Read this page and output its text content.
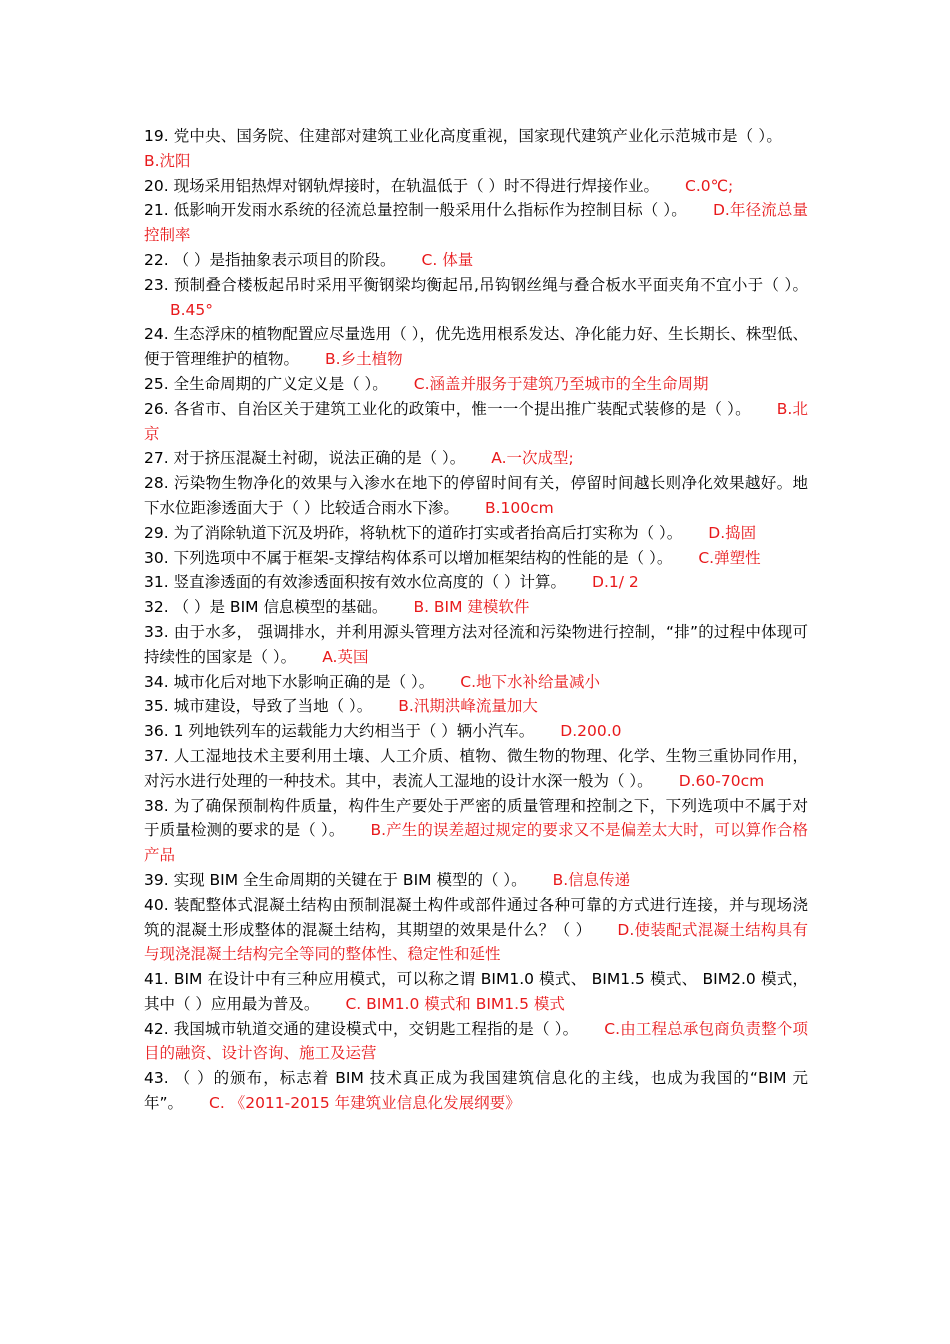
19. 党中央、国务院、住建部对建筑工业化高度重视，国家现代建筑产业化示范城市是（ ）。B.沈阳

20. 现场采用铝热焊对钢轨焊接时，在轨温低于（ ）时不得进行焊接作业。 C.0℃;

21. 低影响开发雨水系统的径流总量控制一般采用什么指标作为控制目标（ ）。 D.年径流总量控制率

22. （ ）是指抽象表示项目的阶段。 C. 体量

23. 预制叠合楼板起吊时采用平衡钢梁均衡起吊,吊钩钢丝绳与叠合板水平面夹角不宜小于（ ）。B.45°

24. 生态浮床的植物配置应尽量选用（ ），优先选用根系发达、净化能力好、生长期长、株型低、便于管理维护的植物。 B.乡土植物

25. 全生命周期的广义定义是（ ）。 C.涵盖并服务于建筑乃至城市的全生命周期

26. 各省市、自治区关于建筑工业化的政策中，惟一一个提出推广装配式装修的是（ ）。 B.北京

27. 对于挤压混凝土衬砌，说法正确的是（ ）。 A.一次成型;

28. 污染物生物净化的效果与入渗水在地下的停留时间有关，停留时间越长则净化效果越好。地下水位距渗透面大于（ ）比较适合雨水下渗。 B.100cm

29. 为了消除轨道下沉及坍砟，将轨枕下的道砟打实或者抬高后打实称为（ ）。 D.捣固

30. 下列选项中不属于框架-支撑结构体系可以增加框架结构的性能的是（ ）。 C.弹塑性

31. 竖直渗透面的有效渗透面积按有效水位高度的（ ）计算。 D.1/ 2

32. （ ）是 BIM 信息模型的基础。 B. BIM 建模软件

33. 由于水多， 强调排水，并利用源头管理方法对径流和污染物进行控制，“排”的过程中体现可持续性的国家是（ ）。 A.英国

34. 城市化后对地下水影响正确的是（ ）。 C.地下水补给量减小

35. 城市建设，导致了当地（ ）。 B.汛期洪峰流量加大

36. 1 列地铁列车的运载能力大约相当于（ ）辆小汽车。 D.200.0

37. 人工湿地技术主要利用土壤、人工介质、植物、微生物的物理、化学、生物三重协同作用，对污水进行处理的一种技术。其中，表流人工湿地的设计水深一般为（ ）。 D.60-70cm

38. 为了确保预制构件质量，构件生产要处于严密的质量管理和控制之下，下列选项中不属于对于质量检测的要求的是（ ）。 B.产生的误差超过规定的要求又不是偏差太大时，可以算作合格产品

39. 实现 BIM 全生命周期的关键在于 BIM 模型的（ ）。 B.信息传递

40. 装配整体式混凝土结构由预制混凝土构件或部件通过各种可靠的方式进行连接，并与现场浇筑的混凝土形成整体的混凝土结构，其期望的效果是什么？（ ） D.使装配式混凝土结构具有与现浇混凝土结构完全等同的整体性、稳定性和延性

41. BIM 在设计中有三种应用模式，可以称之谓 BIM1.0 模式、 BIM1.5 模式、 BIM2.0 模式，其中（ ）应用最为普及。 C. BIM1.0 模式和 BIM1.5 模式

42. 我国城市轨道交通的建设模式中，交钥匙工程指的是（ ）。 C.由工程总承包商负责整个项目的融资、设计咨询、施工及运营

43. （ ）的颁布，标志着 BIM 技术真正成为我国建筑信息化的主线，也成为我国的“BIM 元年”。 C. 《2011-2015 年建筑业信息化发展纲要》
